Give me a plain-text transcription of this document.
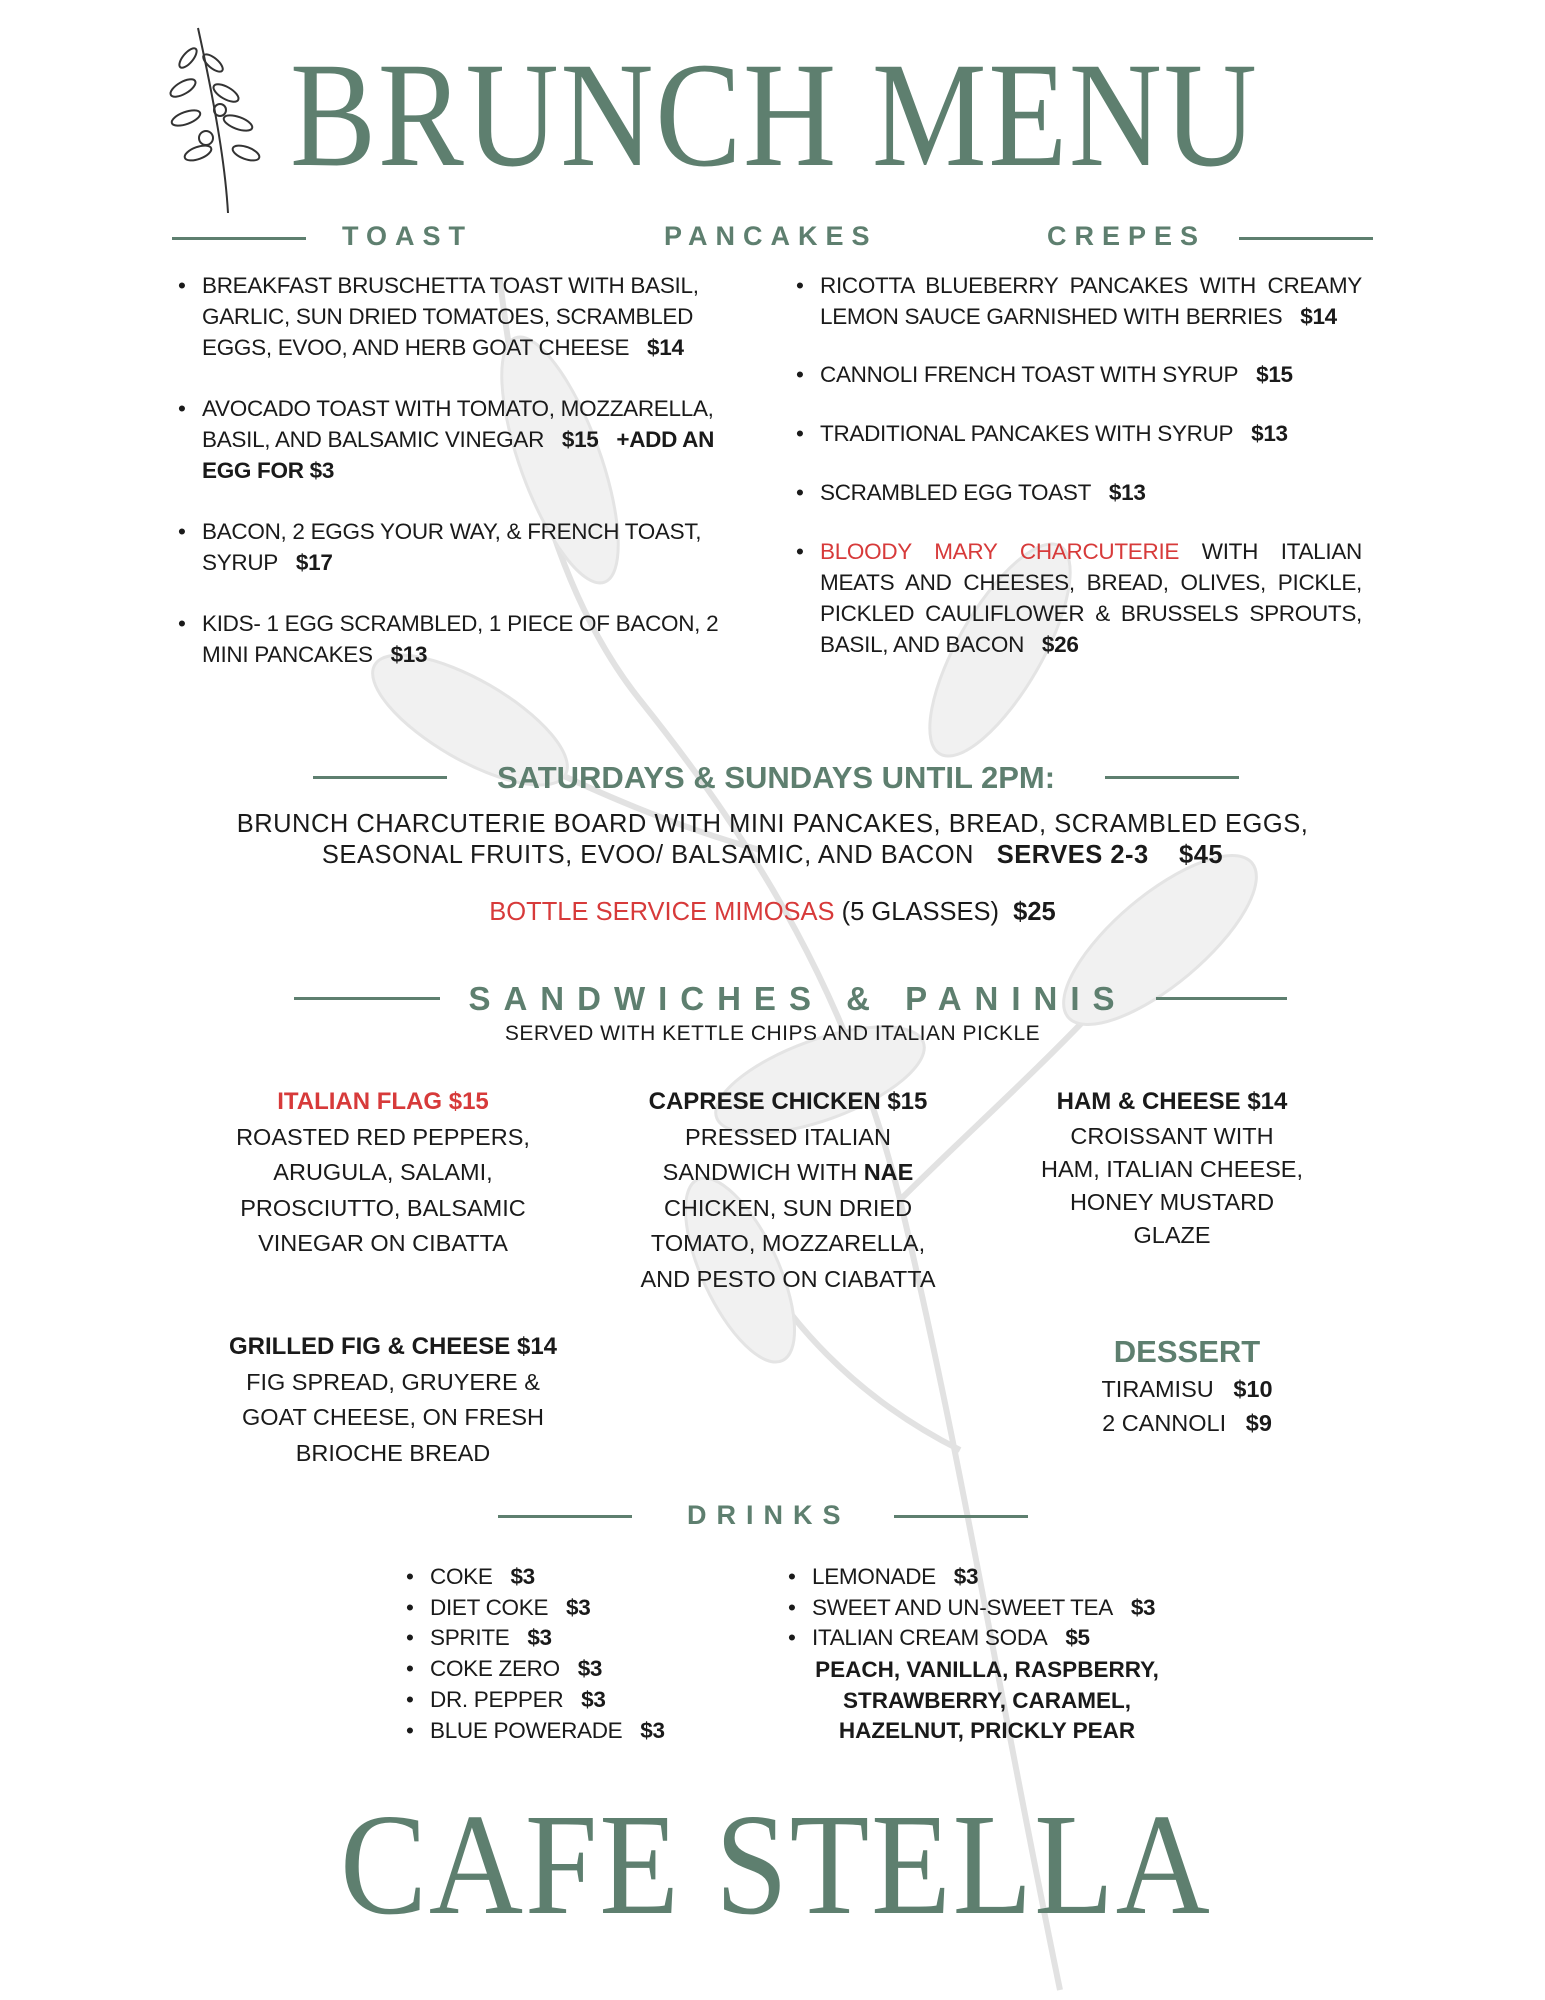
BRUNCH MENU
TOAST	PANCAKES	CREPES
• BREAKFAST BRUSCHETTA TOAST WITH BASIL, GARLIC, SUN DRIED TOMATOES, SCRAMBLED EGGS, EVOO, AND HERB GOAT CHEESE $14
• AVOCADO TOAST WITH TOMATO, MOZZARELLA, BASIL, AND BALSAMIC VINEGAR $15 +ADD AN EGG FOR $3
• BACON, 2 EGGS YOUR WAY, & FRENCH TOAST, SYRUP $17
• KIDS- 1 EGG SCRAMBLED, 1 PIECE OF BACON, 2 MINI PANCAKES $13
• RICOTTA BLUEBERRY PANCAKES WITH CREAMY LEMON SAUCE GARNISHED WITH BERRIES $14
• CANNOLI FRENCH TOAST WITH SYRUP $15
• TRADITIONAL PANCAKES WITH SYRUP $13
• SCRAMBLED EGG TOAST $13
• BLOODY MARY CHARCUTERIE WITH ITALIAN MEATS AND CHEESES, BREAD, OLIVES, PICKLE, PICKLED CAULIFLOWER & BRUSSELS SPROUTS, BASIL, AND BACON $26
SATURDAYS & SUNDAYS UNTIL 2PM:
BRUNCH CHARCUTERIE BOARD WITH MINI PANCAKES, BREAD, SCRAMBLED EGGS,
SEASONAL FRUITS, EVOO/ BALSAMIC, AND BACON SERVES 2-3 $45
BOTTLE SERVICE MIMOSAS (5 GLASSES) $25
SANDWICHES & PANINIS
SERVED WITH KETTLE CHIPS AND ITALIAN PICKLE
ITALIAN FLAG $15
ROASTED RED PEPPERS,
ARUGULA, SALAMI,
PROSCIUTTO, BALSAMIC
VINEGAR ON CIBATTA
CAPRESE CHICKEN $15
PRESSED ITALIAN
SANDWICH WITH NAE
CHICKEN, SUN DRIED
TOMATO, MOZZARELLA,
AND PESTO ON CIABATTA
HAM & CHEESE $14
CROISSANT WITH
HAM, ITALIAN CHEESE,
HONEY MUSTARD
GLAZE
GRILLED FIG & CHEESE $14
FIG SPREAD, GRUYERE &
GOAT CHEESE, ON FRESH
BRIOCHE BREAD
DESSERT
TIRAMISU $10
2 CANNOLI $9
DRINKS
• COKE $3
• DIET COKE $3
• SPRITE $3
• COKE ZERO $3
• DR. PEPPER $3
• BLUE POWERADE $3
• LEMONADE $3
• SWEET AND UN-SWEET TEA $3
• ITALIAN CREAM SODA $5
PEACH, VANILLA, RASPBERRY,
STRAWBERRY, CARAMEL,
HAZELNUT, PRICKLY PEAR
CAFE STELLA
